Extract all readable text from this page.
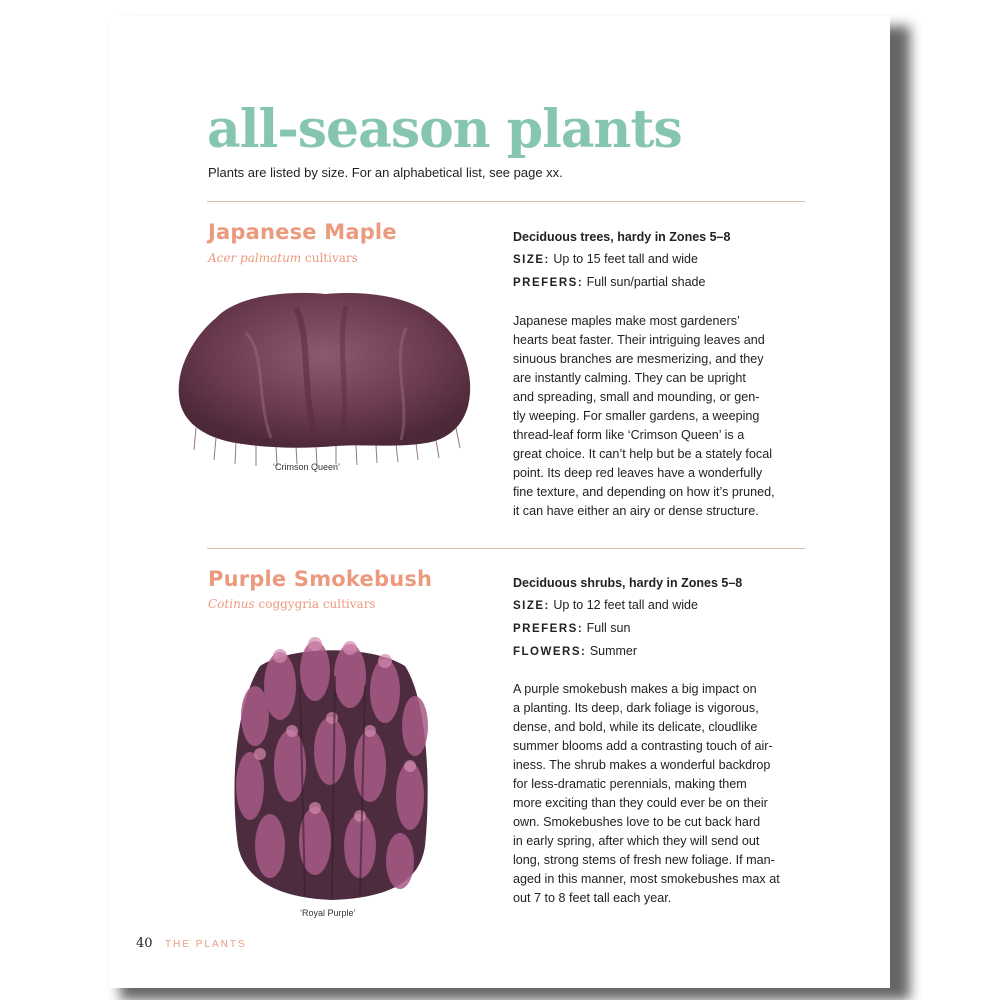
all-season plants
Plants are listed by size. For an alphabetical list, see page xx.
Japanese Maple
Acer palmatum cultivars
‘Crimson Queen’
Deciduous trees, hardy in Zones 5–8
SIZE: Up to 15 feet tall and wide
PREFERS: Full sun/partial shade
Japanese maples make most gardeners’
hearts beat faster. Their intriguing leaves and
sinuous branches are mesmerizing, and they
are instantly calming. They can be upright
and spreading, small and mounding, or gen-
tly weeping. For smaller gardens, a weeping
thread-leaf form like ‘Crimson Queen’ is a
great choice. It can’t help but be a stately focal
point. Its deep red leaves have a wonderfully
fine texture, and depending on how it’s pruned,
it can have either an airy or dense structure.
Purple Smokebush
Cotinus coggygria cultivars
‘Royal Purple’
Deciduous shrubs, hardy in Zones 5–8
SIZE: Up to 12 feet tall and wide
PREFERS: Full sun
FLOWERS: Summer
A purple smokebush makes a big impact on
a planting. Its deep, dark foliage is vigorous,
dense, and bold, while its delicate, cloudlike
summer blooms add a contrasting touch of air-
iness. The shrub makes a wonderful backdrop
for less-dramatic perennials, making them
more exciting than they could ever be on their
own. Smokebushes love to be cut back hard
in early spring, after which they will send out
long, strong stems of fresh new foliage. If man-
aged in this manner, most smokebushes max at
out 7 to 8 feet tall each year.
40 THE PLANTS
